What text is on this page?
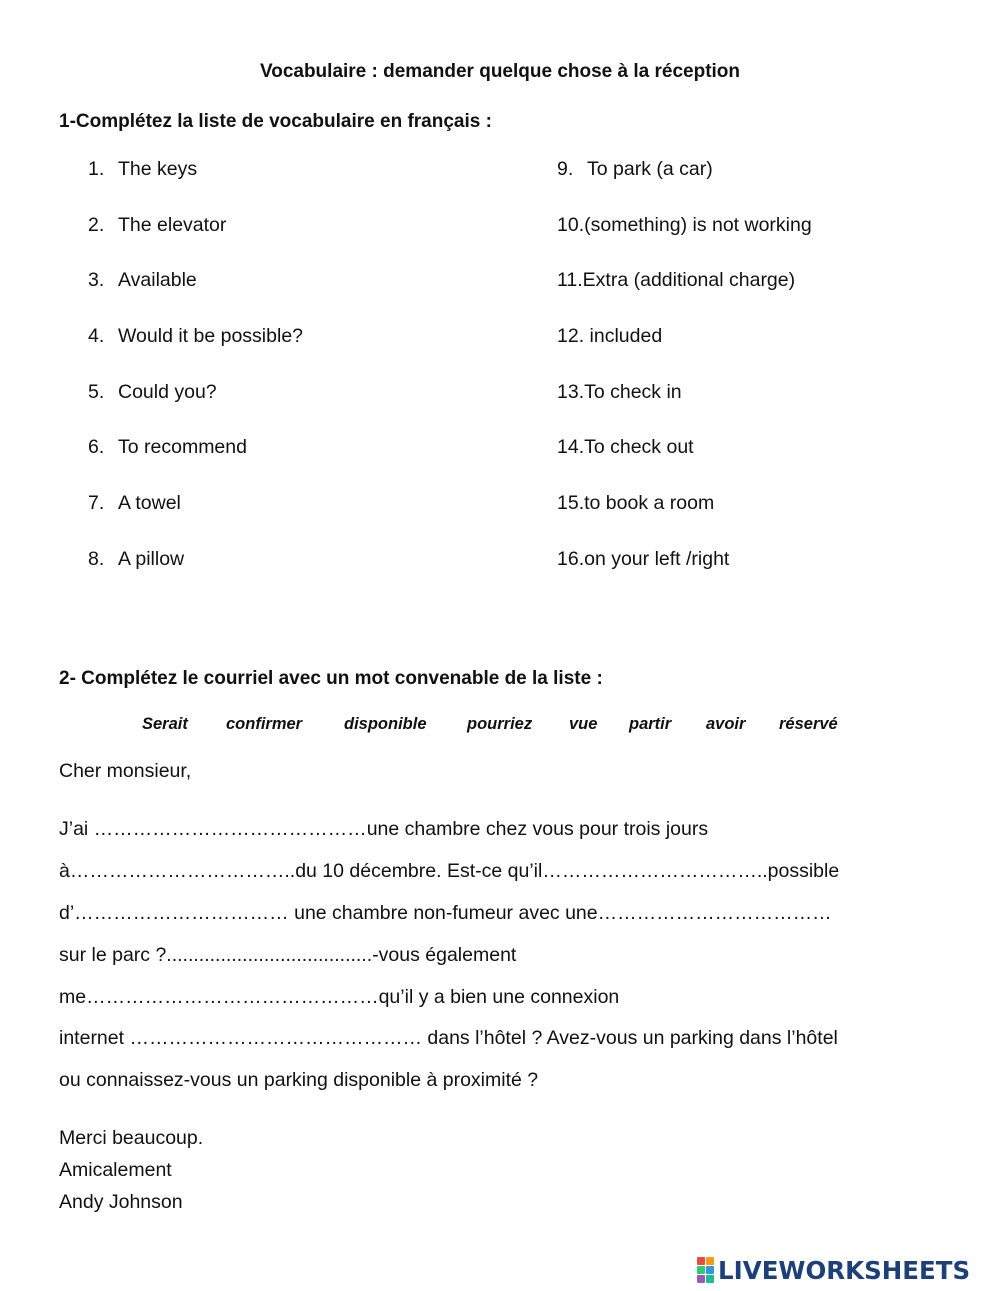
Vocabulaire : demander quelque chose à la réception
1-Complétez la liste de vocabulaire en français :
1. The keys
2. The elevator
3. Available
4. Would it be possible?
5. Could you?
6. To recommend
7. A towel
8. A pillow
9. To park (a car)
10.(something) is not working
11.Extra (additional charge)
12. included
13.To check in
14.To check out
15.to book a room
16.on your left /right
2- Complétez le courriel avec un mot convenable de la liste :
Serait confirmer	disponible pourriez vue partir avoir réservé
Cher monsieur,
J’ai ……………………………………une chambre chez vous pour trois jours
à……………………………..du 10 décembre. Est-ce qu’il……………………………..possible
d’…………………………… une chambre non-fumeur avec une………………………………
sur le parc ?......................................-vous également
me………………………………………qu’il y a bien une connexion
internet ……………………………………… dans l’hôtel ? Avez-vous un parking dans l’hôtel
ou connaissez-vous un parking disponible à proximité ?
Merci beaucoup.
Amicalement
Andy Johnson
LIVEWORKSHEETS
